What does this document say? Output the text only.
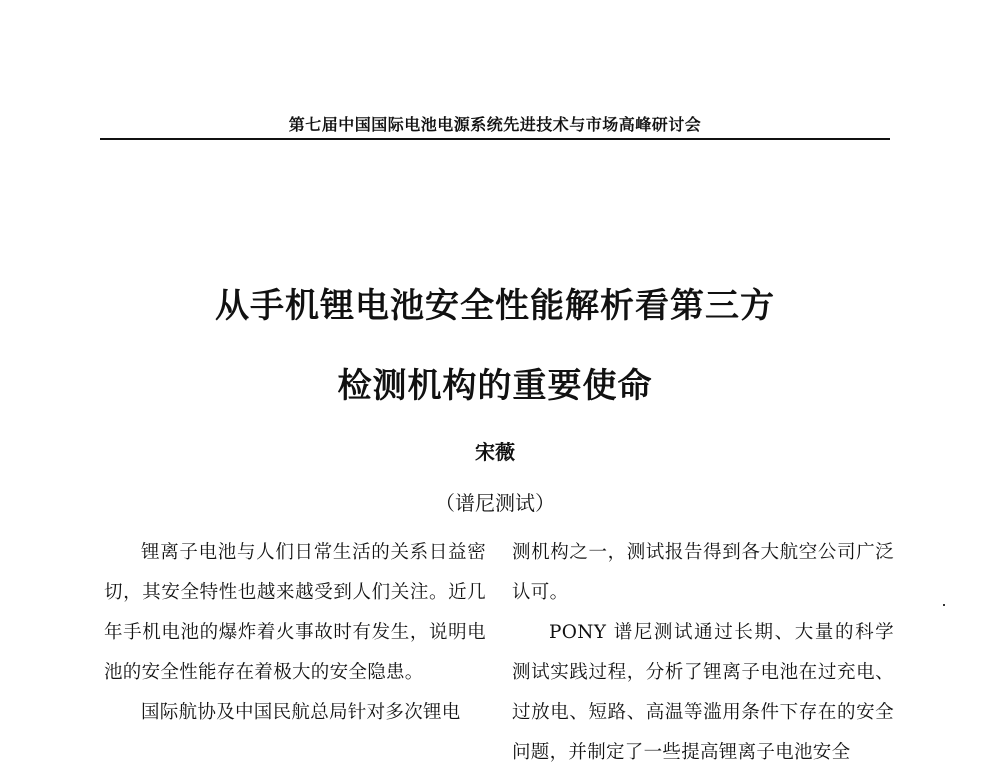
第七届中国国际电池电源系统先进技术与市场高峰研讨会
从手机锂电池安全性能解析看第三方
检测机构的重要使命
宋薇
（谱尼测试）

锂离子电池与人们日常生活的关系日益密切，其安全特性也越来越受到人们关注。近几年手机电池的爆炸着火事故时有发生，说明电池的安全性能存在着极大的安全隐患。

国际航协及中国民航总局针对多次锂电

测机构之一，测试报告得到各大航空公司广泛认可。

PONY 谱尼测试通过长期、大量的科学测试实践过程，分析了锂离子电池在过充电、过放电、短路、高温等滥用条件下存在的安全问题，并制定了一些提高锂离子电池安全
